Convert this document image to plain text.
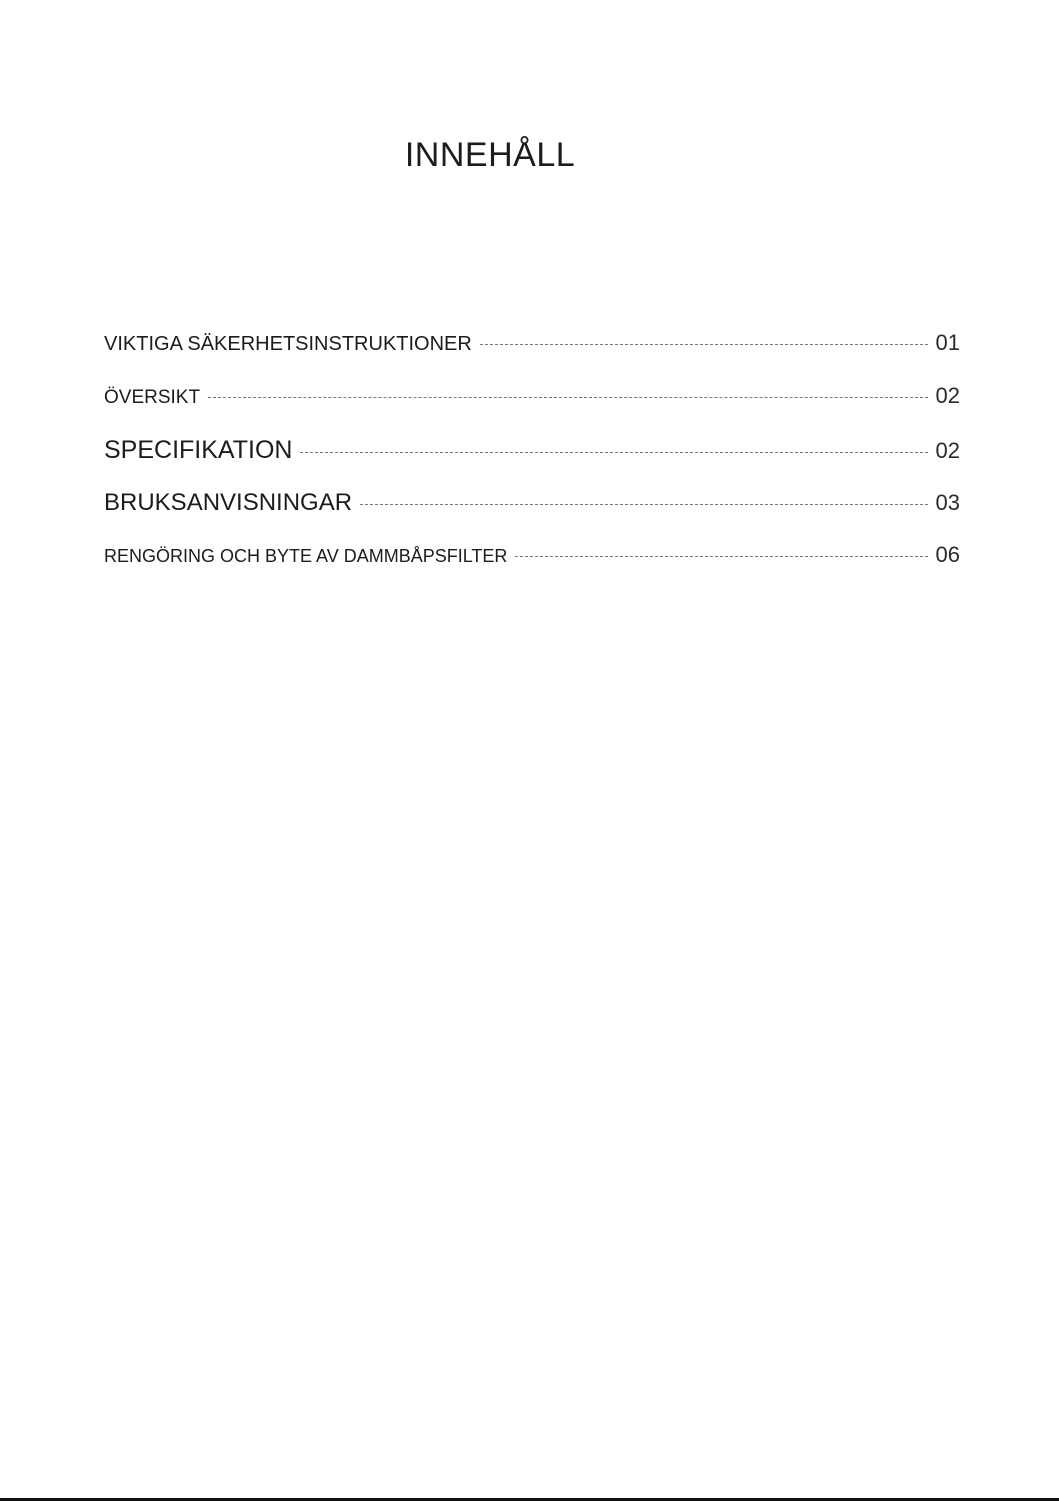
INNEHÅLL
VIKTIGA SÄKERHETSINSTRUKTIONER	01
ÖVERSIKT	02
SPECIFIKATION	02
BRUKSANVISNINGAR	03
RENGÖRING OCH BYTE AV DAMMBÅPSFILTER	06
